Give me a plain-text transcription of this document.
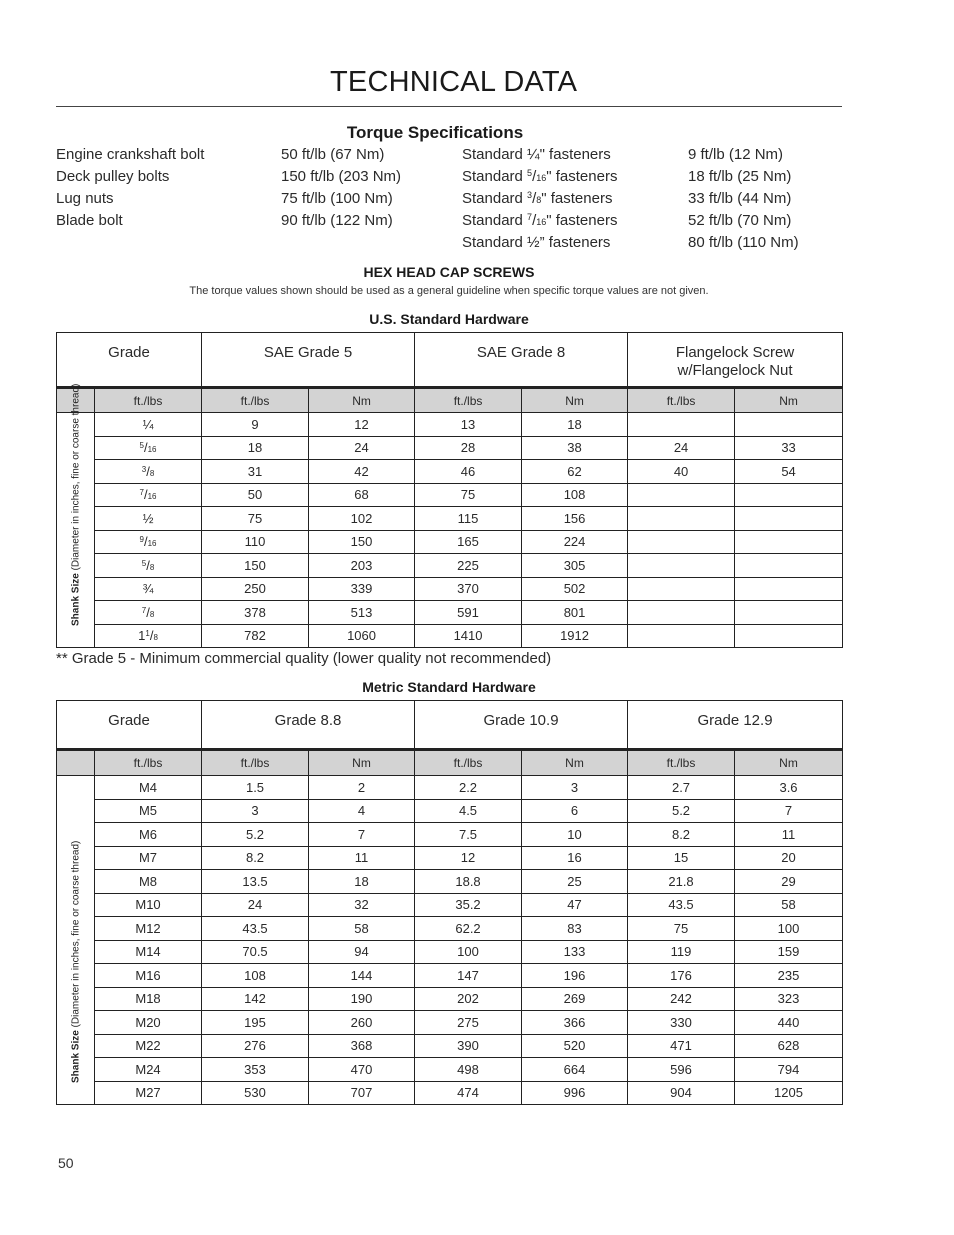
TECHNICAL DATA
Torque Specifications
Engine crankshaft bolt	50 ft/lb (67 Nm)
Deck pulley bolts	150 ft/lb (203 Nm)
Lug nuts	75 ft/lb (100 Nm)
Blade bolt	90 ft/lb (122 Nm)
Standard ¼" fasteners	9 ft/lb (12 Nm)
Standard $^5$/16" fasteners	18 ft/lb (25 Nm)
Standard $^3$/8" fasteners	33 ft/lb (44 Nm)
Standard $^7$/16" fasteners	52 ft/lb (70 Nm)
Standard ½” fasteners	80 ft/lb (110 Nm)
HEX HEAD CAP SCREWS
The torque values shown should be used as a general guideline when specific torque values are not given.
U.S. Standard Hardware
Grade		SAE Grade 5		SAE Grade 8		Flangelock Screw w/Flangelock Nut	

	ft./lbs	ft./lbs	Nm	ft./lbs	Nm	ft./lbs	Nm

Shank Size (Diameter in inches, fine or coarse thread)	¼	9	12	13	18		
	$^5$/16	18	24	28	38	24	33
	$^3$/8	31	42	46	62	40	54
	$^7$/16	50	68	75	108		
	½	75	102	115	156		
	$^9$/16	110	150	165	224		
	$^5$/8	150	203	225	305		
	¾	250	339	370	502		
	$^7$/8	378	513	591	801		
	$1^1/8$	782	1060	1410	1912		
** Grade 5 - Minimum commercial quality (lower quality not recommended)
Metric Standard Hardware
Grade		Grade 8.8		Grade 10.9		Grade 12.9	

	ft./lbs	ft./lbs	Nm	ft./lbs	Nm	ft./lbs	Nm

Shank Size (Diameter in inches, fine or coarse thread)	M4	1.5	2	2.2	3	2.7	3.6
	M5	3	4	4.5	6	5.2	7
	M6	5.2	7	7.5	10	8.2	11
	M7	8.2	11	12	16	15	20
	M8	13.5	18	18.8	25	21.8	29
	M10	24	32	35.2	47	43.5	58
	M12	43.5	58	62.2	83	75	100
	M14	70.5	94	100	133	119	159
	M16	108	144	147	196	176	235
	M18	142	190	202	269	242	323
	M20	195	260	275	366	330	440
	M22	276	368	390	520	471	628
	M24	353	470	498	664	596	794
	M27	530	707	474	996	904	1205
50
